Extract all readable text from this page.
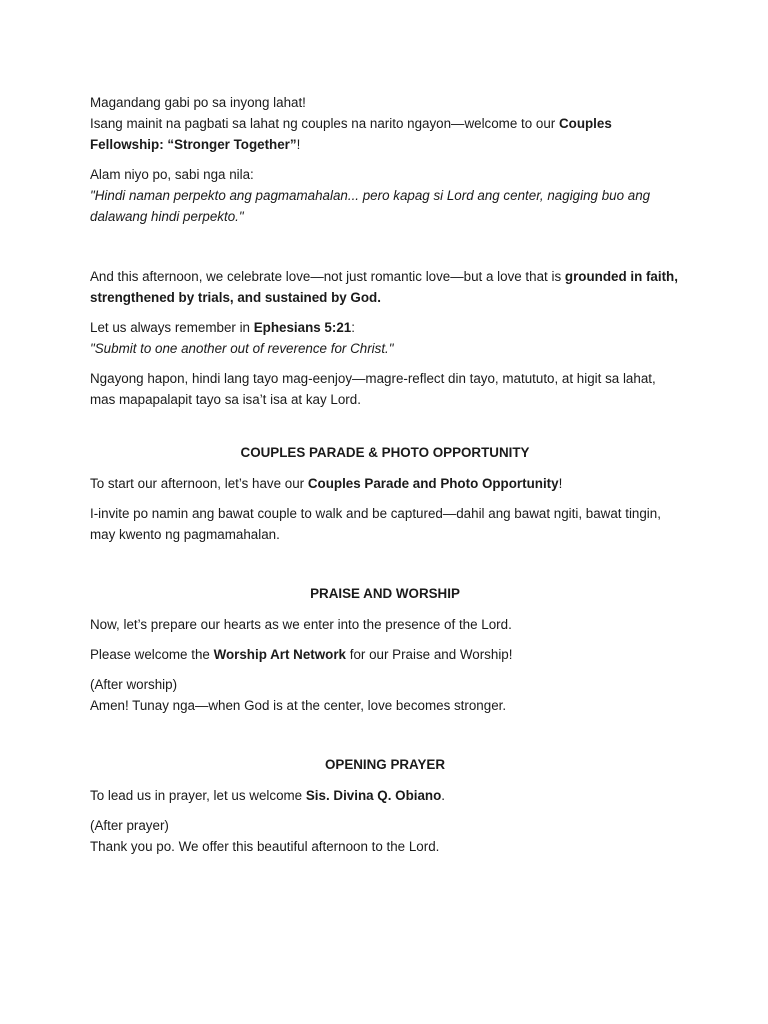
Magandang gabi po sa inyong lahat!
Isang mainit na pagbati sa lahat ng couples na narito ngayon—welcome to our Couples Fellowship: “Stronger Together”!

Alam niyo po, sabi nga nila:
"Hindi naman perpekto ang pagmamahalan... pero kapag si Lord ang center, nagiging buo ang dalawang hindi perpekto."

And this afternoon, we celebrate love—not just romantic love—but a love that is grounded in faith, strengthened by trials, and sustained by God.

Let us always remember in Ephesians 5:21:
"Submit to one another out of reverence for Christ."

Ngayong hapon, hindi lang tayo mag-eenjoy—magre-reflect din tayo, matututo, at higit sa lahat, mas mapapalapit tayo sa isa’t isa at kay Lord.

COUPLES PARADE & PHOTO OPPORTUNITY

To start our afternoon, let’s have our Couples Parade and Photo Opportunity!

I-invite po namin ang bawat couple to walk and be captured—dahil ang bawat ngiti, bawat tingin, may kwento ng pagmamahalan.

PRAISE AND WORSHIP

Now, let’s prepare our hearts as we enter into the presence of the Lord.

Please welcome the Worship Art Network for our Praise and Worship!

(After worship)
Amen! Tunay nga—when God is at the center, love becomes stronger.

OPENING PRAYER

To lead us in prayer, let us welcome Sis. Divina Q. Obiano.

(After prayer)
Thank you po. We offer this beautiful afternoon to the Lord.
